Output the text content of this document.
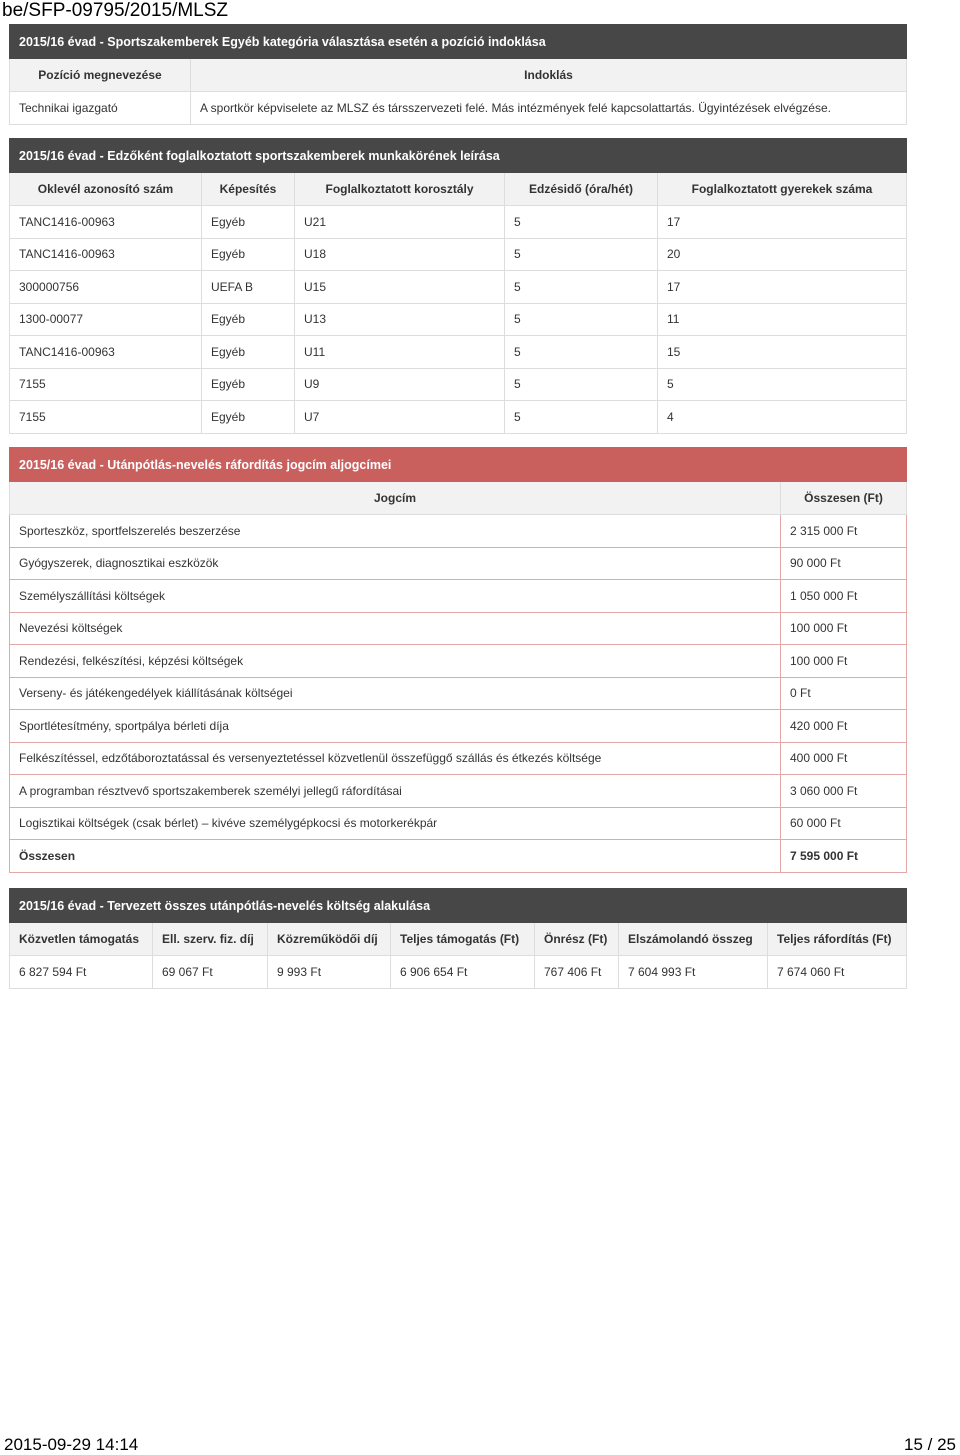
be/SFP-09795/2015/MLSZ
2015/16 évad - Sportszakemberek Egyéb kategória választása esetén a pozíció indoklása	
Pozíció megnevezése	Indoklás
Technikai igazgató	A sportkör képviselete az MLSZ és társszervezeti felé. Más intézmények felé kapcsolattartás. Ügyintézések elvégzése.
2015/16 évad - Edzőként foglalkoztatott sportszakemberek munkakörének leírása				
Oklevél azonosító szám	Képesítés	Foglalkoztatott korosztály	Edzésidő (óra/hét)	Foglalkoztatott gyerekek száma
TANC1416-00963	Egyéb	U21	5	17
TANC1416-00963	Egyéb	U18	5	20
300000756	UEFA B	U15	5	17
1300-00077	Egyéb	U13	5	11
TANC1416-00963	Egyéb	U11	5	15
7155	Egyéb	U9	5	5
7155	Egyéb	U7	5	4
2015/16 évad - Utánpótlás-nevelés ráfordítás jogcím aljogcímei	
Jogcím	Összesen (Ft)
Sporteszköz, sportfelszerelés beszerzése	2 315 000 Ft
Gyógyszerek, diagnosztikai eszközök	90 000 Ft
Személyszállítási költségek	1 050 000 Ft
Nevezési költségek	100 000 Ft
Rendezési, felkészítési, képzési költségek	100 000 Ft
Verseny- és játékengedélyek kiállításának költségei	0 Ft
Sportlétesítmény, sportpálya bérleti díja	420 000 Ft
Felkészítéssel, edzőtáboroztatással és versenyeztetéssel közvetlenül összefüggő szállás és étkezés költsége	400 000 Ft
A programban résztvevő sportszakemberek személyi jellegű ráfordításai	3 060 000 Ft
Logisztikai költségek (csak bérlet) – kivéve személygépkocsi és motorkerékpár	60 000 Ft
Összesen	7 595 000 Ft
2015/16 évad - Tervezett összes utánpótlás-nevelés költség alakulása						
Közvetlen támogatás	Ell. szerv. fiz. díj	Közreműködői díj	Teljes támogatás (Ft)	Önrész (Ft)	Elszámolandó összeg	Teljes ráfordítás (Ft)
6 827 594 Ft	69 067 Ft	9 993 Ft	6 906 654 Ft	767 406 Ft	7 604 993 Ft	7 674 060 Ft
2015-09-29 14:14	15 / 25
